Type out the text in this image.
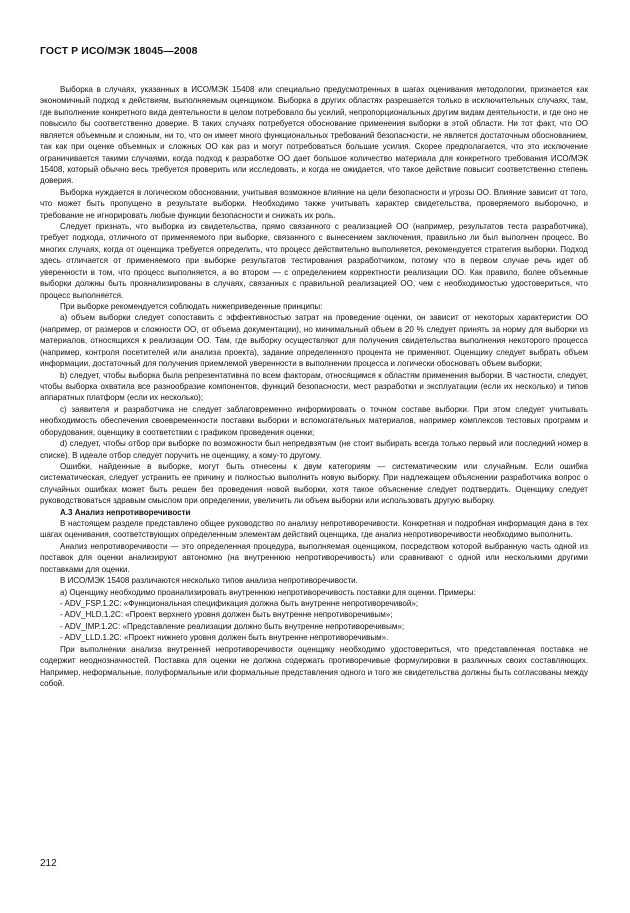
ГОСТ Р ИСО/МЭК 18045—2008

Выборка в случаях, указанных в ИСО/МЭК 15408 или специально предусмотренных в шагах оценивания методологии, признается как экономичный подход к действиям, выполняемым оценщиком. Выборка в других областях разрешается только в исключительных случаях, там, где выполнение конкретного вида деятельности в целом потребовало бы усилий, непропорциональных другим видам деятельности, и где оно не повысило бы соответственно доверие. В таких случаях потребуется обоснование применения выборки в этой области. Ни тот факт, что ОО является объемным и сложным, ни то, что он имеет много функциональных требований безопасности, не является достаточным обоснованием, так как при оценке объемных и сложных ОО как раз и могут потребоваться большие усилия. Скорее предполагается, что это исключение ограничивается такими случаями, когда подход к разработке ОО дает большое количество материала для конкретного требования ИСО/МЭК 15408, который обычно весь требуется проверить или исследовать, и когда не ожидается, что такое действие повысит соответственно степень доверия.

Выборка нуждается в логическом обосновании, учитывая возможное влияние на цели безопасности и угрозы ОО. Влияние зависит от того, что может быть пропущено в результате выборки. Необходимо также учитывать характер свидетельства, проверяемого выборочно, и требование не игнорировать любые функции безопасности и снижать их роль.

Следует признать, что выборка из свидетельства, прямо связанного с реализацией ОО (например, результатов теста разработчика), требует подхода, отличного от применяемого при выборке, связанного с вынесением заключения, правильно ли был выполнен процесс. Во многих случаях, когда от оценщика требуется определить, что процесс действительно выполняется, рекомендуется стратегия выборки. Подход здесь отличается от применяемого при выборке результатов тестирования разработчиком, потому что в первом случае речь идет об уверенности в том, что процесс выполняется, а во втором — с определением корректности реализации ОО. Как правило, более объемные выборки должны быть проанализированы в случаях, связанных с правильной реализацией ОО, чем с необходимостью удостовериться, что процесс выполняется.

При выборке рекомендуется соблюдать нижеприведенные принципы:

а) объем выборки следует сопоставить с эффективностью затрат на проведение оценки, он зависит от некоторых характеристик ОО (например, от размеров и сложности ОО, от объема документации), но минимальный объем в 20 % следует принять за норму для выборки из материалов, относящихся к реализации ОО. Там, где выборку осуществляют для получения свидетельства выполнения некоторого процесса (например, контроля посетителей или анализа проекта), задание определенного процента не применяют. Оценщику следует выбрать объем информации, достаточный для получения приемлемой уверенности в выполнении процесса и логически обосновать объем выборки;

b) следует, чтобы выборка была репрезентативна по всем факторам, относящимся к областям применения выборки. В частности, следует, чтобы выборка охватила все разнообразие компонентов, функций безопасности, мест разработки и эксплуатации (если их несколько) и типов аппаратных платформ (если их несколько);

c) заявителя и разработчика не следует заблаговременно информировать о точном составе выборки. При этом следует учитывать необходимость обеспечения своевременности поставки выборки и вспомогательных материалов, например комплексов тестовых программ и оборудования, оценщику в соответствии с графиком проведения оценки;

d) следует, чтобы отбор при выборке по возможности был непредвзятым (не стоит выбирать всегда только первый или последний номер в списке). В идеале отбор следует поручить не оценщику, а кому-то другому.

Ошибки, найденные в выборке, могут быть отнесены к двум категориям — систематическим или случайным. Если ошибка систематическая, следует устранить ее причину и полностью выполнить новую выборку. При надлежащем объяснении разработчика вопрос о случайных ошибках может быть решен без проведения новой выборки, хотя такое объяснение следует подтвердить. Оценщику следует руководствоваться здравым смыслом при определении, увеличить ли объем выборки или использовать другую выборку.

А.3 Анализ непротиворечивости

В настоящем разделе представлено общее руководство по анализу непротиворечивости. Конкретная и подробная информация дана в тех шагах оценивания, соответствующих определенным элементам действий оценщика, где анализ непротиворечивости необходимо выполнить.

Анализ непротиворечивости — это определенная процедура, выполняемая оценщиком, посредством которой выбранную часть одной из поставок для оценки анализируют автономно (на внутреннюю непротиворечивость) или сравнивают с одной или несколькими другими поставками для оценки.

В ИСО/МЭК 15408 различаются несколько типов анализа непротиворечивости.

а) Оценщику необходимо проанализировать внутреннюю непротиворечивость поставки для оценки. Примеры:

- ADV_FSP.1.2C: «Функциональная спецификация должна быть внутренне непротиворечивой»;

- ADV_HLD.1.2C: «Проект верхнего уровня должен быть внутренне непротиворечивым»;

- ADV_IMP.1.2C: «Представление реализации должно быть внутренне непротиворечивым»;

- ADV_LLD.1.2C: «Проект нижнего уровня должен быть внутренне непротиворечивым».

При выполнении анализа внутренней непротиворечивости оценщику необходимо удостовериться, что представленная поставка не содержит неоднозначностей. Поставка для оценки не должна содержать противоречивые формулировки в различных своих составляющих. Например, неформальные, полуформальные или формальные представления одного и того же свидетельства должны быть согласованы между собой.

212
